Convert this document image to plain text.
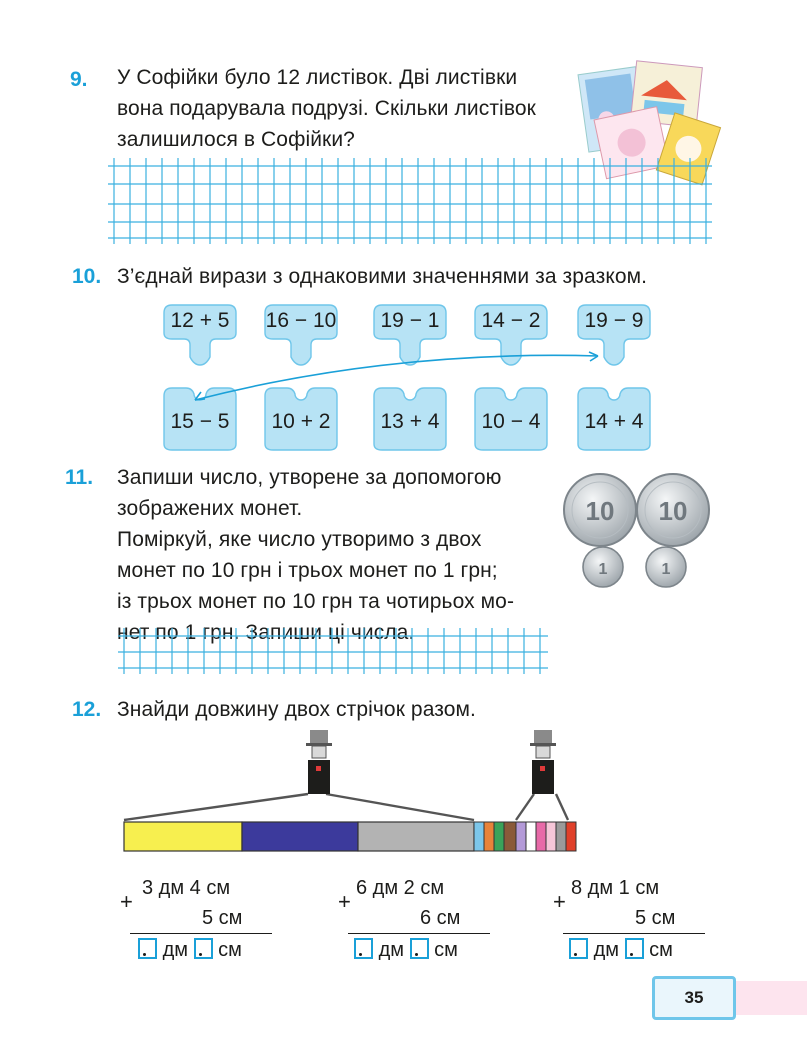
9. У Софійки було 12 листівок. Дві листівки
вона подарувала подрузі. Скільки листівок
залишилося в Софійки?
10. З’єднай вирази з однаковими значеннями за зразком.
12 + 5	16 − 10	19 − 1	14 − 2	19 − 9
15 − 5	10 + 2	13 + 4	10 − 4	14 + 4
11. Запиши число, утворене за допомогою
зображених монет.
Поміркуй, яке число утворимо з двох
монет по 10 грн і трьох монет по 1 грн;
із трьох монет по 10 грн та чотирьох мо-
нет по 1 грн. Запиши ці числа.
10 10
1	1
12. Знайди довжину двох стрічок разом.
+
3 дм 4 см
5 см
дм см
+
6 дм 2 см
6 см
дм см
+
8 дм 1 см
5 см
дм см
35
